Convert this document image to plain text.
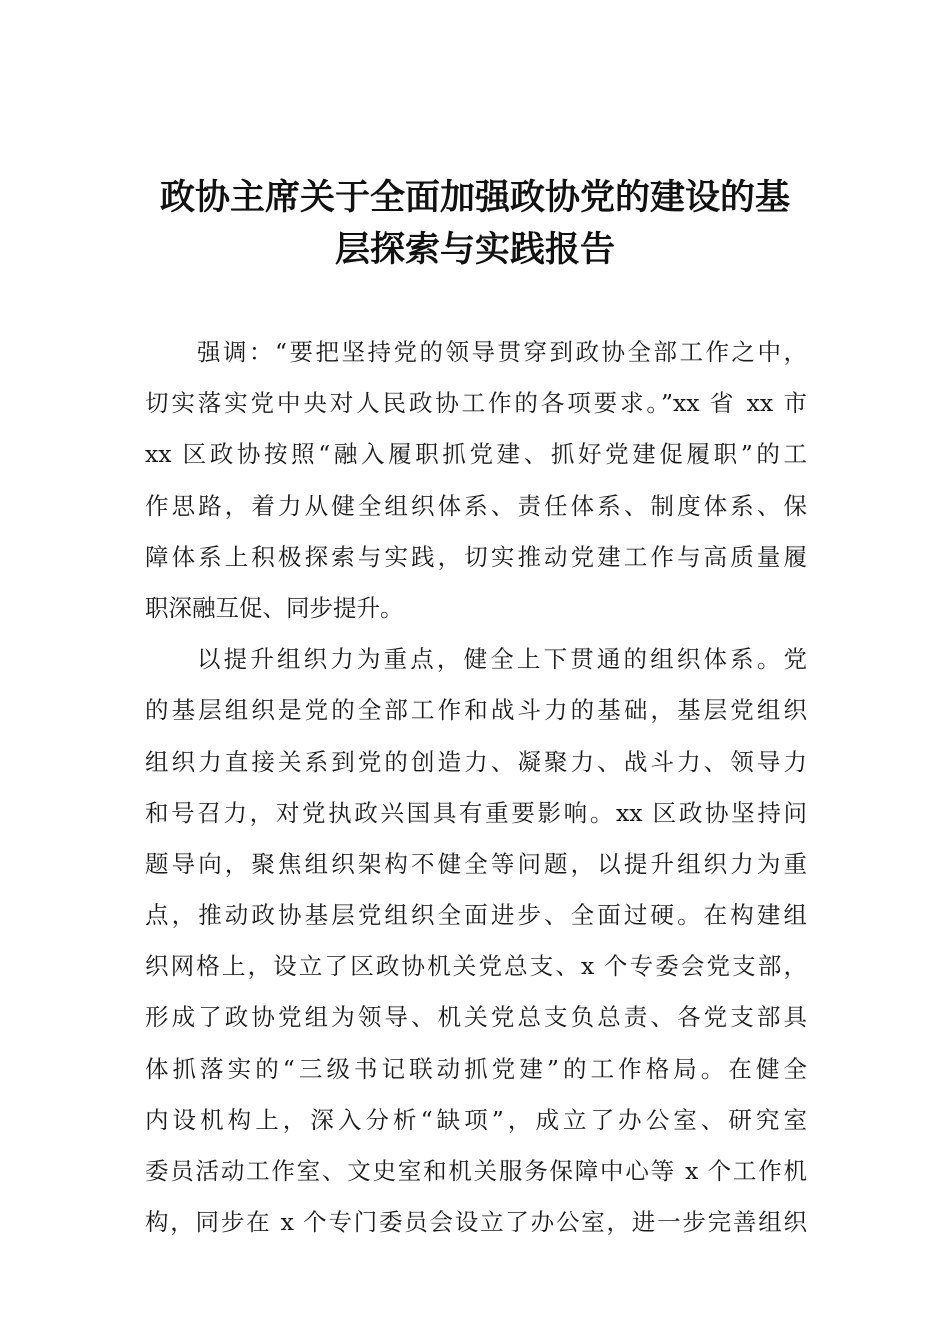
政协主席关于全面加强政协党的建设的基
层探索与实践报告
强调：“要把坚持党的领导贯穿到政协全部工作之中，
切实落实党中央对人民政协工作的各项要求。”xx 省 xx 市
xx 区政协按照“融入履职抓党建、抓好党建促履职”的工
作思路，着力从健全组织体系、责任体系、制度体系、保
障体系上积极探索与实践，切实推动党建工作与高质量履
职深融互促、同步提升。
以提升组织力为重点，健全上下贯通的组织体系。党
的基层组织是党的全部工作和战斗力的基础，基层党组织
组织力直接关系到党的创造力、凝聚力、战斗力、领导力
和号召力，对党执政兴国具有重要影响。xx 区政协坚持问
题导向，聚焦组织架构不健全等问题，以提升组织力为重
点，推动政协基层党组织全面进步、全面过硬。在构建组
织网格上，设立了区政协机关党总支、x 个专委会党支部，
形成了政协党组为领导、机关党总支负总责、各党支部具
体抓落实的“三级书记联动抓党建”的工作格局。在健全
内设机构上，深入分析“缺项”，成立了办公室、研究室
委员活动工作室、文史室和机关服务保障中心等 x 个工作机
构，同步在 x 个专门委员会设立了办公室，进一步完善组织
